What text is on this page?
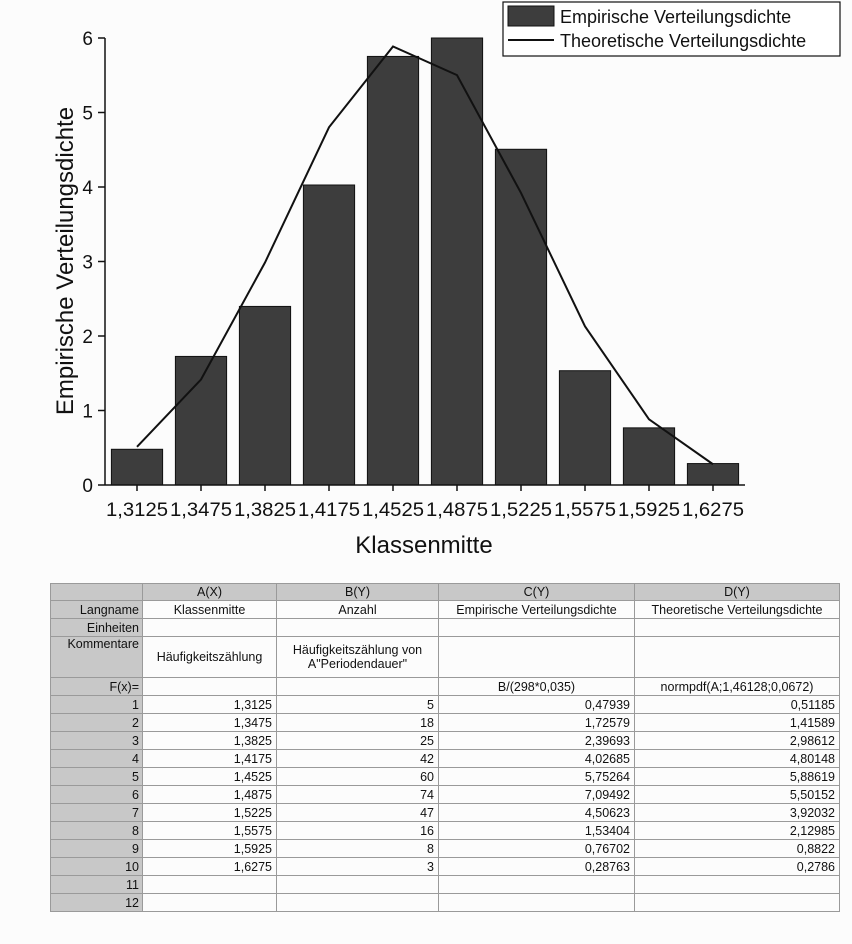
0
1
2
3
4
5
6
1,3125 1,3475 1,3825 1,4175 1,4525 1,4875 1,5225 1,5575 1,5925 1,6275
Klassenmitte
Empirische Verteilungsdichte
Empirische Verteilungsdichte
Theoretische Verteilungsdichte
	A(X)	B(Y)	C(Y)	D(Y)
Langname	Klassenmitte	Anzahl	Empirische Verteilungsdichte	Theoretische Verteilungsdichte
Einheiten				
Kommentare	Häufigkeitszählung	Häufigkeitszählung von A"Periodendauer"		
F(x)=			B/(298*0,035)	normpdf(A;1,46128;0,0672)
1	1,3125	5	0,47939	0,51185
2	1,3475	18	1,72579	1,41589
3	1,3825	25	2,39693	2,98612
4	1,4175	42	4,02685	4,80148
5	1,4525	60	5,75264	5,88619
6	1,4875	74	7,09492	5,50152
7	1,5225	47	4,50623	3,92032
8	1,5575	16	1,53404	2,12985
9	1,5925	8	0,76702	0,8822
10	1,6275	3	0,28763	0,2786
11				
12				
